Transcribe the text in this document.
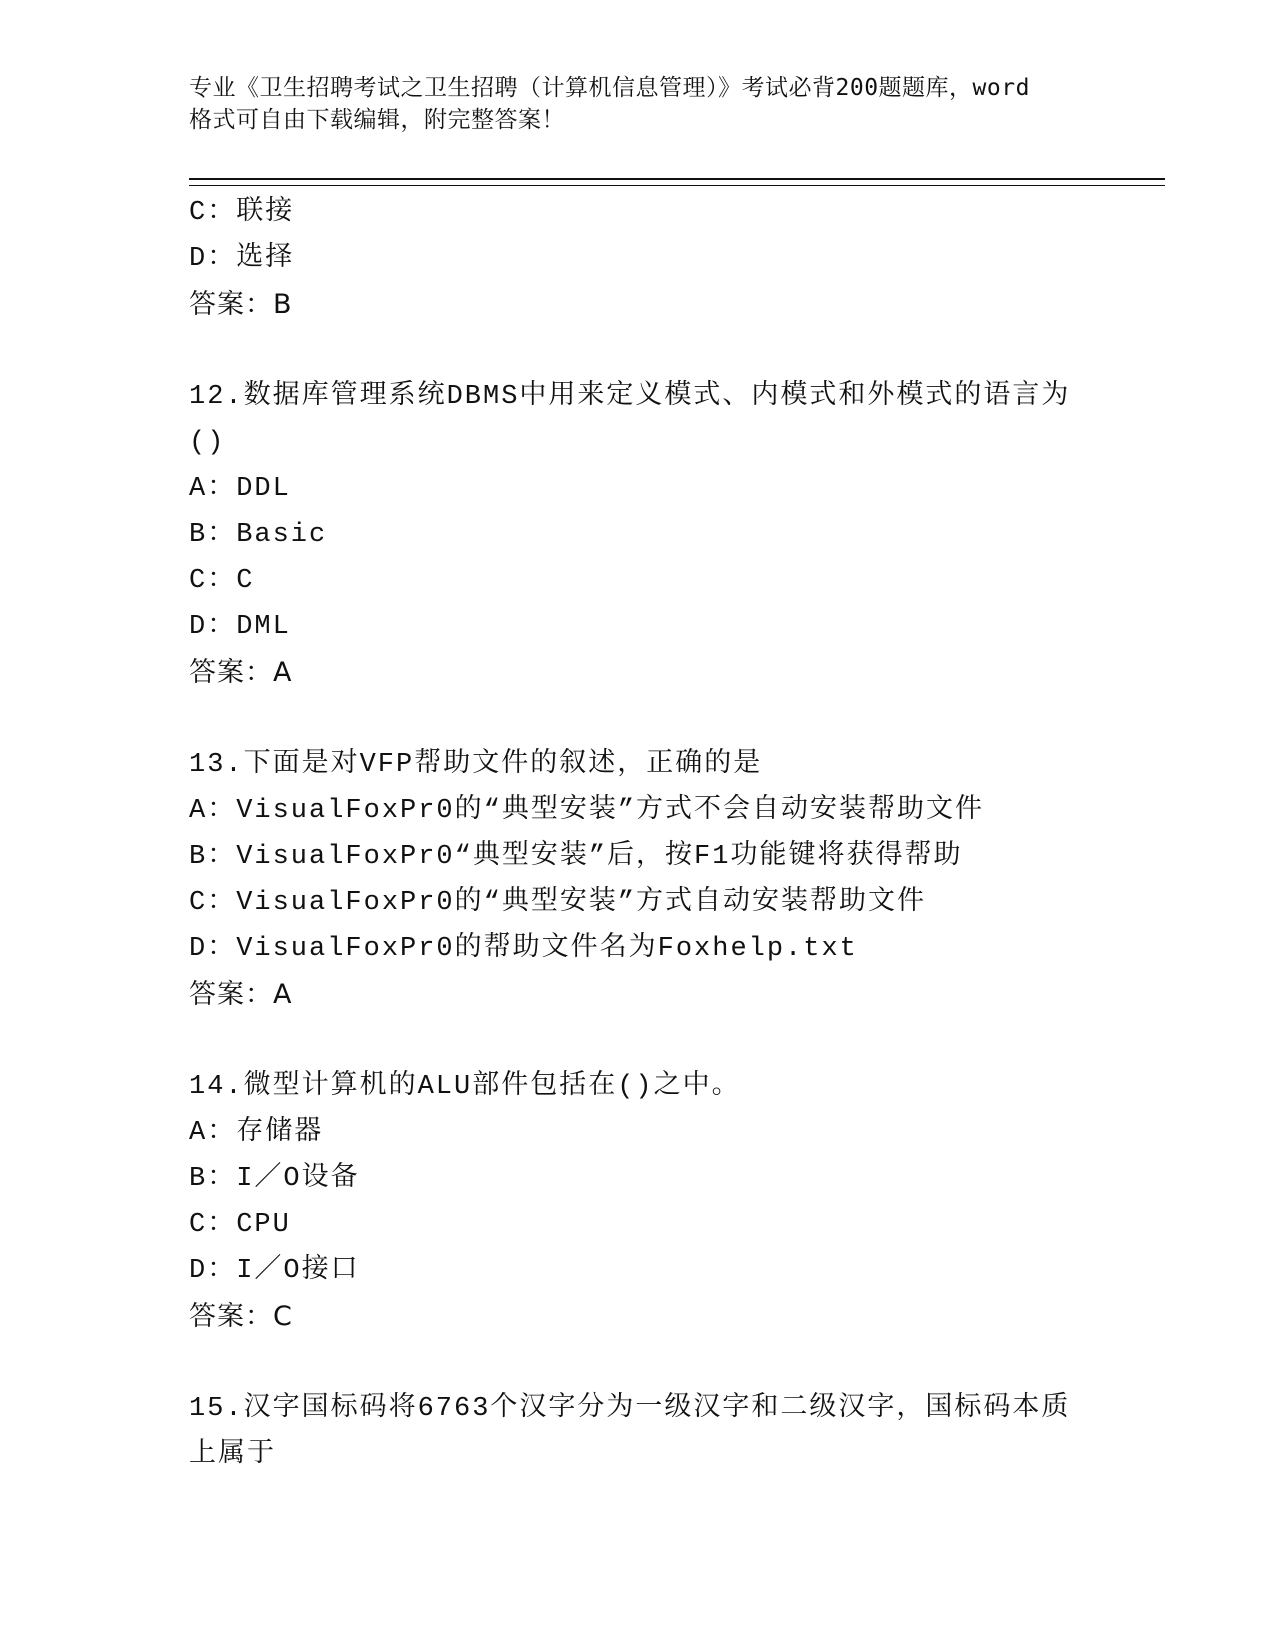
专业《卫生招聘考试之卫生招聘（计算机信息管理）》考试必背200题题库，word
格式可自由下载编辑，附完整答案！
C：联接
D：选择
答案：B
12.数据库管理系统DBMS中用来定义模式、内模式和外模式的语言为
()
A：DDL
B：Basic
C：C
D：DML
答案：A
13.下面是对VFP帮助文件的叙述，正确的是
A：VisualFoxPr0的“典型安装”方式不会自动安装帮助文件
B：VisualFoxPr0“典型安装”后，按F1功能键将获得帮助
C：VisualFoxPr0的“典型安装”方式自动安装帮助文件
D：VisualFoxPr0的帮助文件名为Foxhelp.txt
答案：A
14.微型计算机的ALU部件包括在()之中。
A：存储器
B：I／O设备
C：CPU
D：I／O接口
答案：C
15.汉字国标码将6763个汉字分为一级汉字和二级汉字，国标码本质
上属于
